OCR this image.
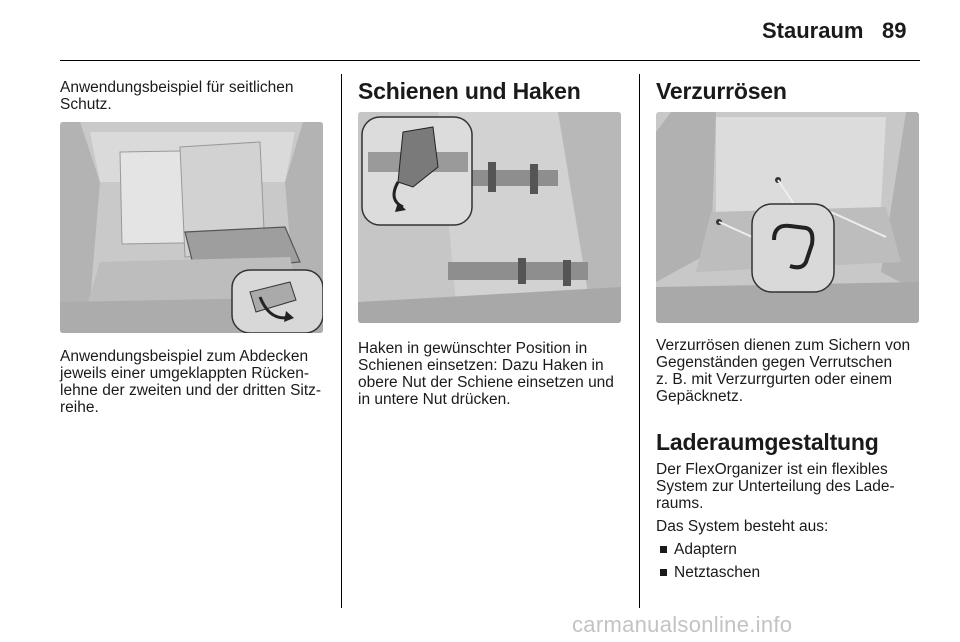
Stauraum 89

Anwendungsbeispiel für seitlichen
Schutz.

Anwendungsbeispiel zum Abdecken
jeweils einer umgeklappten Rücken-
lehne der zweiten und der dritten Sitz-
reihe.

Schienen und Haken

Haken in gewünschter Position in
Schienen einsetzen: Dazu Haken in
obere Nut der Schiene einsetzen und
in untere Nut drücken.

Verzurrösen

Verzurrösen dienen zum Sichern von
Gegenständen gegen Verrutschen
z. B. mit Verzurrgurten oder einem
Gepäcknetz.

Laderaumgestaltung

Der FlexOrganizer ist ein flexibles
System zur Unterteilung des Lade-
raums.

Das System besteht aus:

Adaptern
Netztaschen
carmanualsonline.info
